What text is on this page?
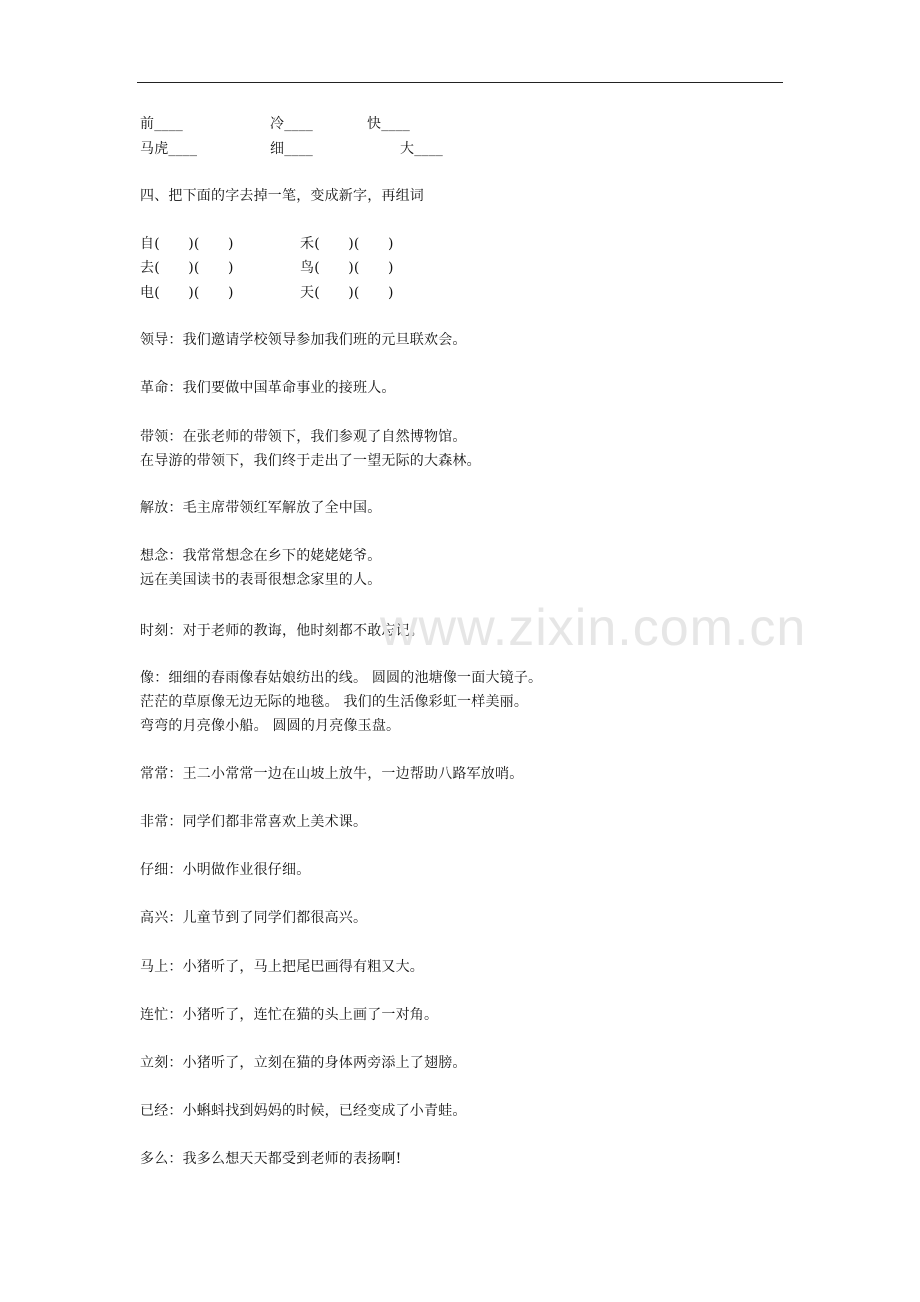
前____	冷____	快____
马虎____	细____	大____
四、把下面的字去掉一笔，变成新字，再组词
自(　　)(　　)	禾(　　)(　　)
去(　　)(　　)	鸟(　　)(　　)
电(　　)(　　)	天(　　)(　　)
领导：我们邀请学校领导参加我们班的元旦联欢会。
革命：我们要做中国革命事业的接班人。
带领：在张老师的带领下，我们参观了自然博物馆。
在导游的带领下，我们终于走出了一望无际的大森林。
解放：毛主席带领红军解放了全中国。
想念：我常常想念在乡下的姥姥姥爷。
远在美国读书的表哥很想念家里的人。
时刻：对于老师的教诲，他时刻都不敢忘记。
像：细细的春雨像春姑娘纺出的线。 圆圆的池塘像一面大镜子。
茫茫的草原像无边无际的地毯。 我们的生活像彩虹一样美丽。
弯弯的月亮像小船。 圆圆的月亮像玉盘。
常常：王二小常常一边在山坡上放牛，一边帮助八路军放哨。
非常：同学们都非常喜欢上美术课。
仔细：小明做作业很仔细。
高兴：儿童节到了同学们都很高兴。
马上：小猪听了，马上把尾巴画得有粗又大。
连忙：小猪听了，连忙在猫的头上画了一对角。
立刻：小猪听了，立刻在猫的身体两旁添上了翅膀。
已经：小蝌蚪找到妈妈的时候，已经变成了小青蛙。
多么：我多么想天天都受到老师的表扬啊!
www.zixin.com.cn
